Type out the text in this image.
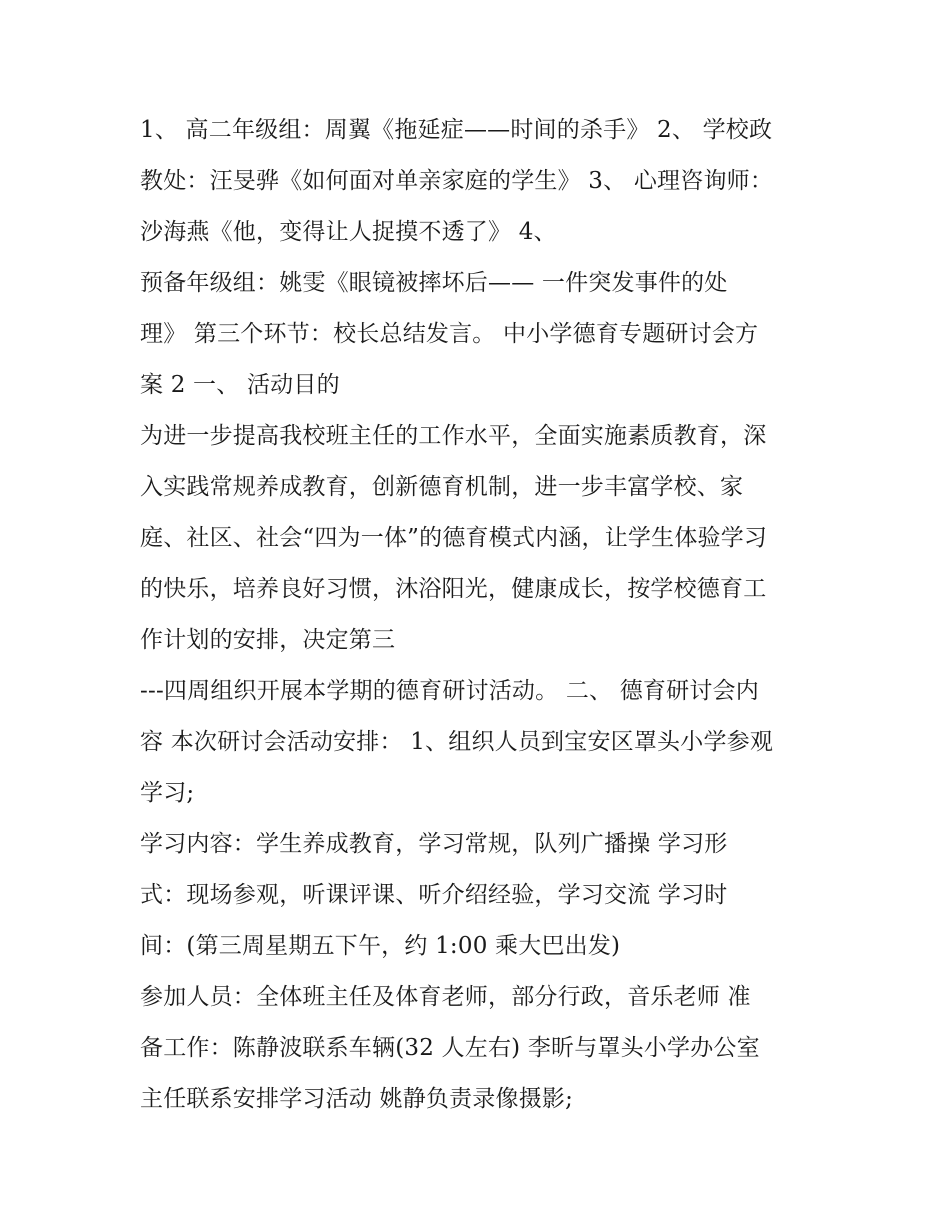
1、 高二年级组：周翼《拖延症——时间的杀手》 2、 学校政
教处：汪旻骅《如何面对单亲家庭的学生》 3、 心理咨询师：
沙海燕《他，变得让人捉摸不透了》 4、
预备年级组：姚雯《眼镜被摔坏后—— 一件突发事件的处
理》 第三个环节：校长总结发言。 中小学德育专题研讨会方
案 2 一、 活动目的
为进一步提高我校班主任的工作水平，全面实施素质教育，深
入实践常规养成教育，创新德育机制，进一步丰富学校、家
庭、社区、社会“四为一体”的德育模式内涵，让学生体验学习
的快乐，培养良好习惯，沐浴阳光，健康成长，按学校德育工
作计划的安排，决定第三
---四周组织开展本学期的德育研讨活动。 二、 德育研讨会内
容 本次研讨会活动安排： 1、组织人员到宝安区罩头小学参观
学习;
学习内容：学生养成教育，学习常规，队列广播操 学习形
式：现场参观，听课评课、听介绍经验，学习交流 学习时
间：(第三周星期五下午，约 1:00 乘大巴出发)
参加人员：全体班主任及体育老师，部分行政，音乐老师 准
备工作：陈静波联系车辆(32 人左右) 李昕与罩头小学办公室
主任联系安排学习活动 姚静负责录像摄影;
